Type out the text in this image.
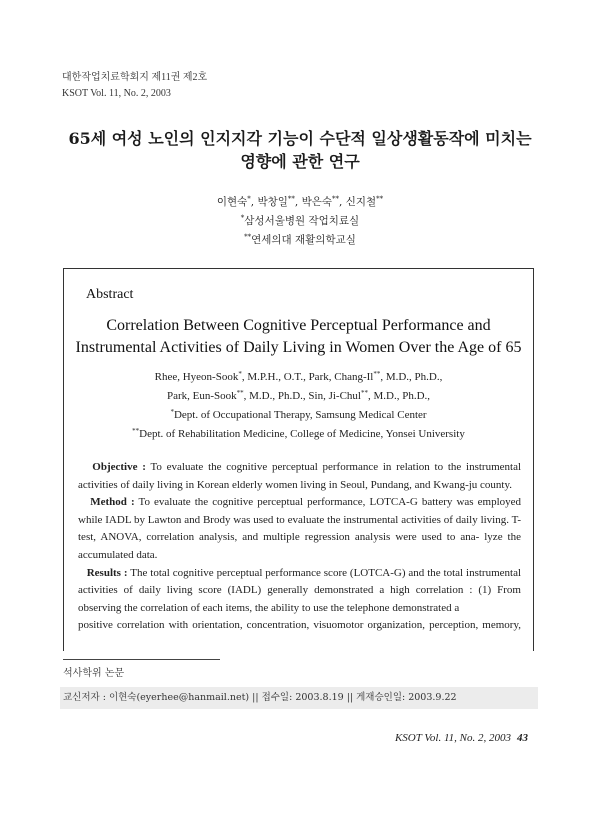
대한작업치료학회지 제11권 제2호
KSOT Vol. 11, No. 2, 2003
65세 여성 노인의 인지지각 기능이 수단적 일상생활동작에 미치는
영향에 관한 연구
이현숙*, 박창일**, 박은숙**, 신지철**
*삼성서울병원 작업치료실
**연세의대 재활의학교실
Abstract
Correlation Between Cognitive Perceptual Performance and
Instrumental Activities of Daily Living in Women Over the Age of 65
Rhee, Hyeon-Sook*, M.P.H., O.T., Park, Chang-Il**, M.D., Ph.D.,
Park, Eun-Sook**, M.D., Ph.D., Sin, Ji-Chul**, M.D., Ph.D.,
*Dept. of Occupational Therapy, Samsung Medical Center
**Dept. of Rehabilitation Medicine, College of Medicine, Yonsei University

Objective : To evaluate the cognitive perceptual performance in relation to the instrumental activities of daily living in Korean elderly women living in Seoul, Pundang, and Kwang-ju county.

Method : To evaluate the cognitive perceptual performance, LOTCA-G battery was employed while IADL by Lawton and Brody was used to evaluate the instrumental activities of daily living. T-test, ANOVA, correlation analysis, and multiple regression analysis were used to ana- lyze the accumulated data.

Results : The total cognitive perceptual performance score (LOTCA-G) and the total instrumental activities of daily living score (IADL) generally demonstrated a high correlation : (1) From observing the correlation of each items, the ability to use the telephone demonstrated a
positive correlation with orientation, concentration, visuomotor organization, perception, memory,

석사학위 논문
교신저자 : 이현숙(eyerhee@hanmail.net) || 접수일: 2003.8.19 || 게재승인일: 2003.9.22
KSOT Vol. 11, No. 2, 2003 43
